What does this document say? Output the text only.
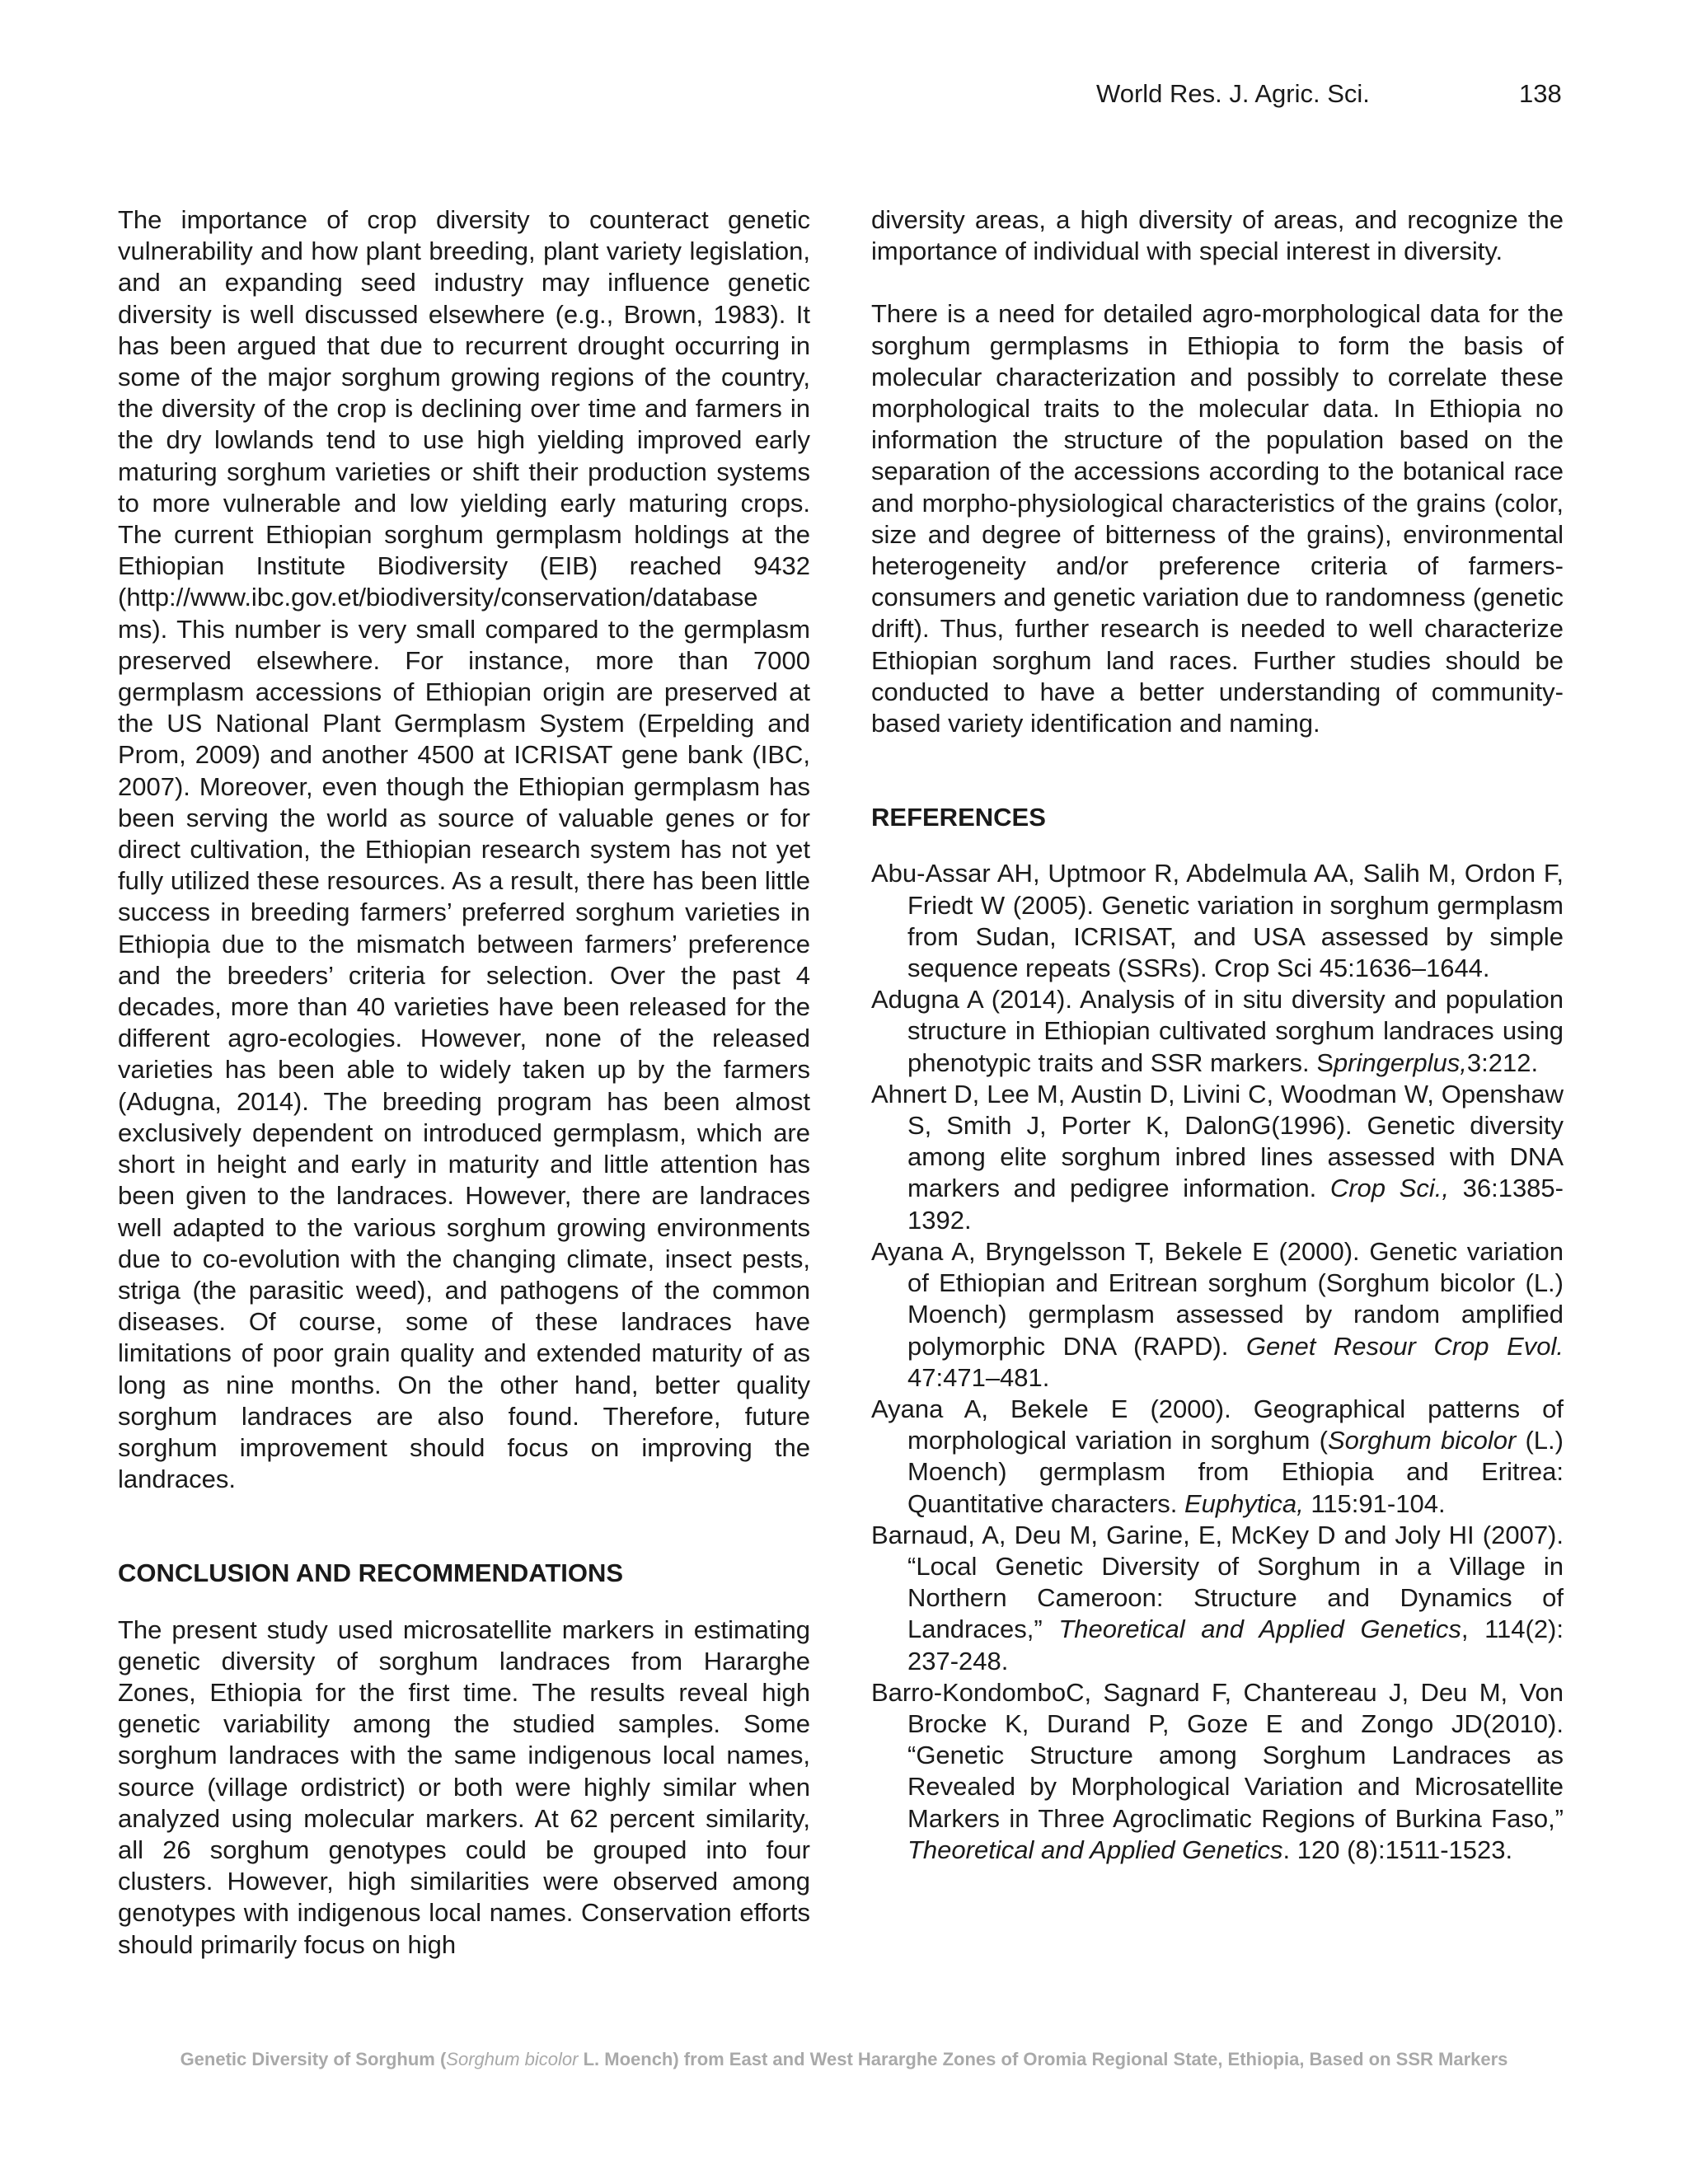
World Res. J. Agric. Sci.	138

The importance of crop diversity to counteract genetic vulnerability and how plant breeding, plant variety legislation, and an expanding seed industry may influence genetic diversity is well discussed elsewhere (e.g., Brown, 1983). It has been argued that due to recurrent drought occurring in some of the major sorghum growing regions of the country, the diversity of the crop is declining over time and farmers in the dry lowlands tend to use high yielding improved early maturing sorghum varieties or shift their production systems to more vulnerable and low yielding early maturing crops. The current Ethiopian sorghum germplasm holdings at the Ethiopian Institute Biodiversity (EIB) reached 9432 (http://www.ibc.gov.et/biodiversity/conservation/database ms). This number is very small compared to the germplasm preserved elsewhere. For instance, more than 7000 germplasm accessions of Ethiopian origin are preserved at the US National Plant Germplasm System (Erpelding and Prom, 2009) and another 4500 at ICRISAT gene bank (IBC, 2007). Moreover, even though the Ethiopian germplasm has been serving the world as source of valuable genes or for direct cultivation, the Ethiopian research system has not yet fully utilized these resources. As a result, there has been little success in breeding farmers’ preferred sorghum varieties in Ethiopia due to the mismatch between farmers’ preference and the breeders’ criteria for selection. Over the past 4 decades, more than 40 varieties have been released for the different agro-ecologies. However, none of the released varieties has been able to widely taken up by the farmers (Adugna, 2014). The breeding program has been almost exclusively dependent on introduced germplasm, which are short in height and early in maturity and little attention has been given to the landraces. However, there are landraces well adapted to the various sorghum growing environments due to co-evolution with the changing climate, insect pests, striga (the parasitic weed), and pathogens of the common diseases. Of course, some of these landraces have limitations of poor grain quality and extended maturity of as long as nine months. On the other hand, better quality sorghum landraces are also found. Therefore, future sorghum improvement should focus on improving the landraces.

CONCLUSION AND RECOMMENDATIONS

The present study used microsatellite markers in estimating genetic diversity of sorghum landraces from Hararghe Zones, Ethiopia for the first time. The results reveal high genetic variability among the studied samples. Some sorghum landraces with the same indigenous local names, source (village ordistrict) or both were highly similar when analyzed using molecular markers. At 62 percent similarity, all 26 sorghum genotypes could be grouped into four clusters. However, high similarities were observed among genotypes with indigenous local names. Conservation efforts should primarily focus on high

diversity areas, a high diversity of areas, and recognize the importance of individual with special interest in diversity.

There is a need for detailed agro-morphological data for the sorghum germplasms in Ethiopia to form the basis of molecular characterization and possibly to correlate these morphological traits to the molecular data. In Ethiopia no information the structure of the population based on the separation of the accessions according to the botanical race and morpho-physiological characteristics of the grains (color, size and degree of bitterness of the grains), environmental heterogeneity and/or preference criteria of farmers-consumers and genetic variation due to randomness (genetic drift). Thus, further research is needed to well characterize Ethiopian sorghum land races. Further studies should be conducted to have a better understanding of community-based variety identification and naming.

REFERENCES

Abu-Assar AH, Uptmoor R, Abdelmula AA, Salih M, Ordon F, Friedt W (2005). Genetic variation in sorghum germplasm from Sudan, ICRISAT, and USA assessed by simple sequence repeats (SSRs). Crop Sci 45:1636–1644.

Adugna A (2014). Analysis of in situ diversity and population structure in Ethiopian cultivated sorghum landraces using phenotypic traits and SSR markers. Springerplus,3:212.

Ahnert D, Lee M, Austin D, Livini C, Woodman W, Openshaw S, Smith J, Porter K, DalonG(1996). Genetic diversity among elite sorghum inbred lines assessed with DNA markers and pedigree information. Crop Sci., 36:1385-1392.

Ayana A, Bryngelsson T, Bekele E (2000). Genetic variation of Ethiopian and Eritrean sorghum (Sorghum bicolor (L.) Moench) germplasm assessed by random amplified polymorphic DNA (RAPD). Genet Resour Crop Evol. 47:471–481.

Ayana A, Bekele E (2000). Geographical patterns of morphological variation in sorghum (Sorghum bicolor (L.) Moench) germplasm from Ethiopia and Eritrea: Quantitative characters. Euphytica, 115:91-104.

Barnaud, A, Deu M, Garine, E, McKey D and Joly HI (2007). “Local Genetic Diversity of Sorghum in a Village in Northern Cameroon: Structure and Dynamics of Landraces,” Theoretical and Applied Genetics, 114(2): 237-248.

Barro-KondomboC, Sagnard F, Chantereau J, Deu M, Von Brocke K, Durand P, Goze E and Zongo JD(2010). “Genetic Structure among Sorghum Landraces as Revealed by Morphological Variation and Microsatellite Markers in Three Agroclimatic Regions of Burkina Faso,” Theoretical and Applied Genetics. 120 (8):1511-1523.

Genetic Diversity of Sorghum (Sorghum bicolor L. Moench) from East and West Hararghe Zones of Oromia Regional State, Ethiopia, Based on SSR Markers
